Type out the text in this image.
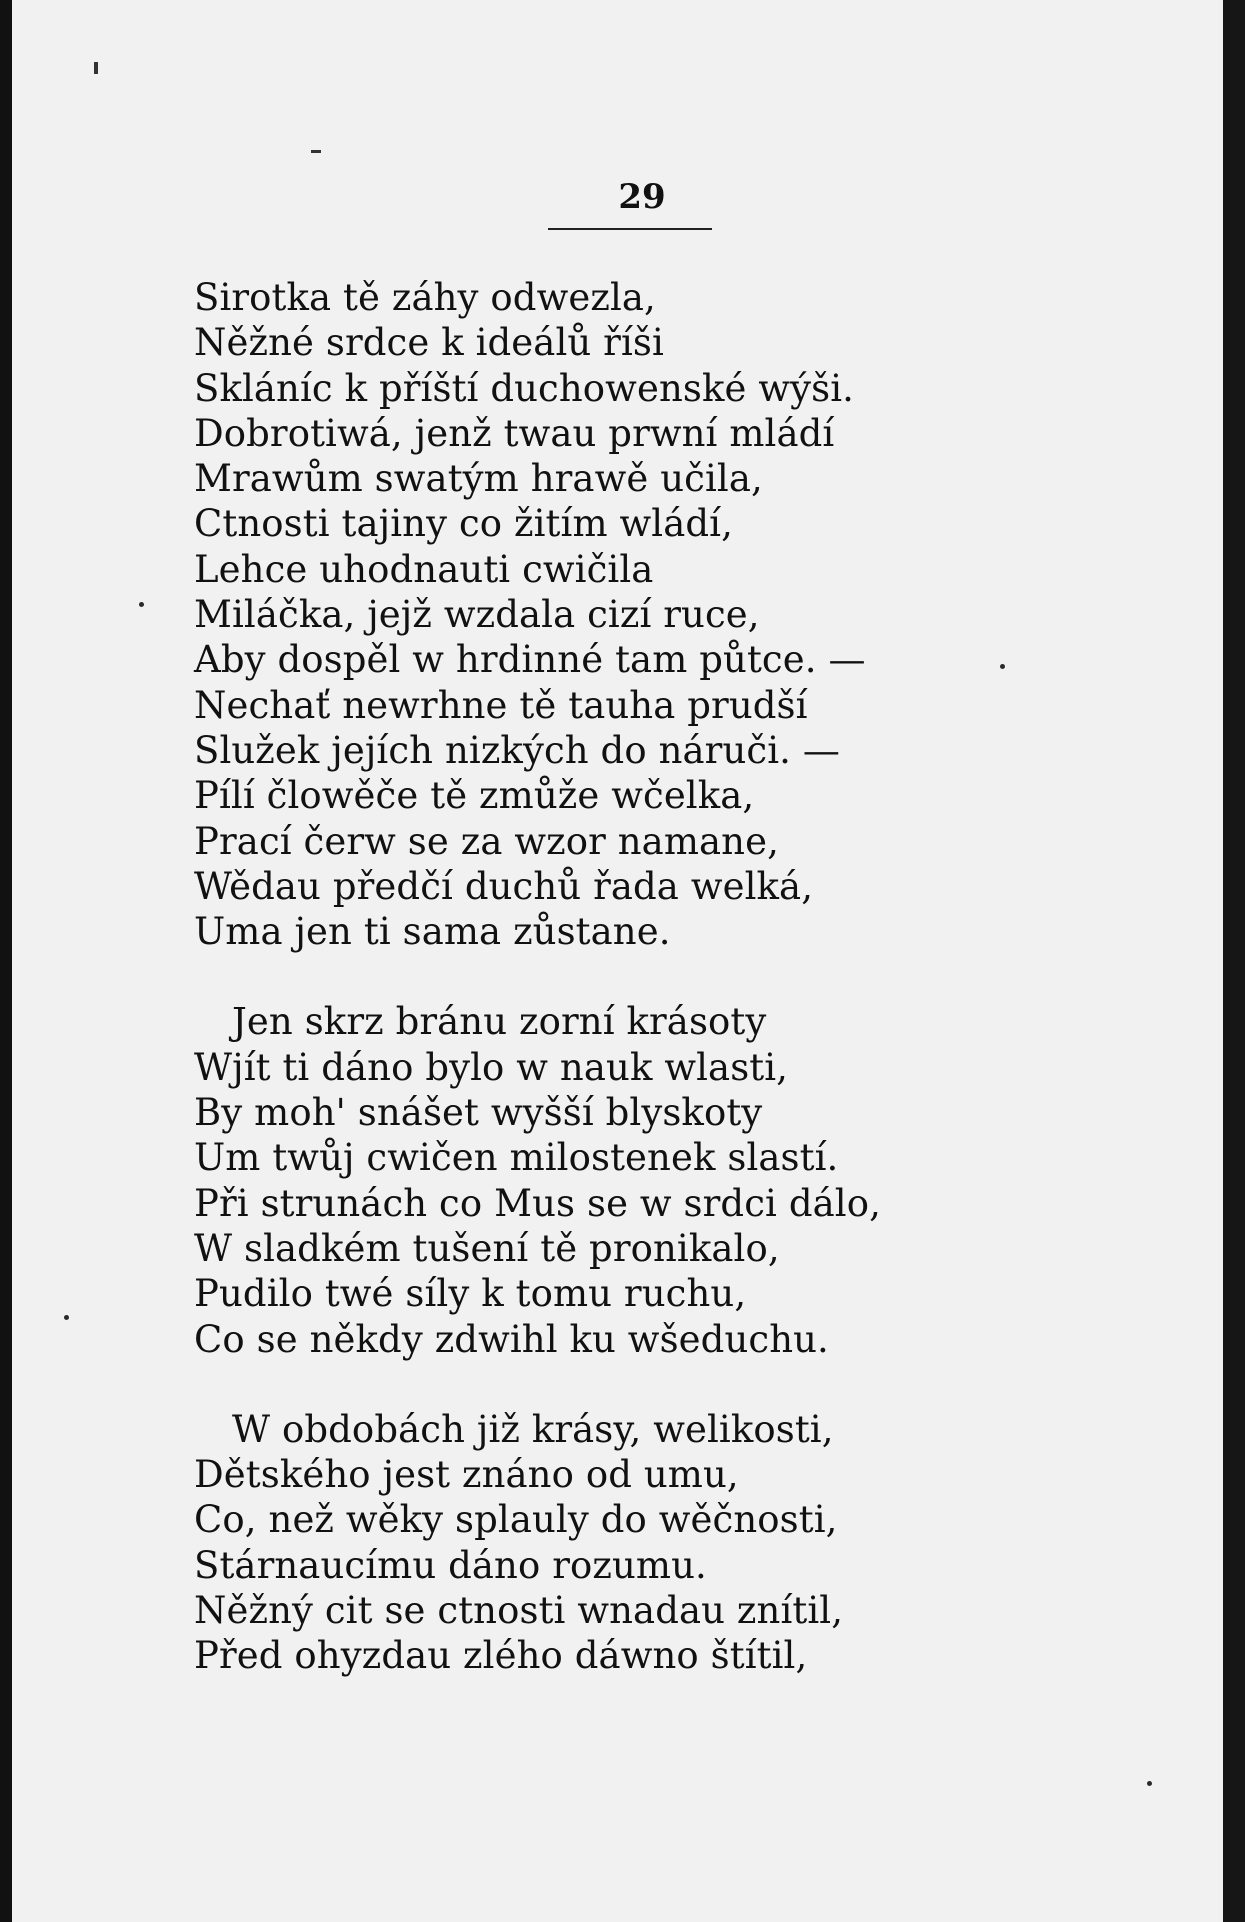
29
Sirotka tě záhy odwezla,
Něžné srdce k ideálů říši
Skláníc k příští duchowenské wýši.
Dobrotiwá, jenž twau prwní mládí
Mrawům swatým hrawě učila,
Ctnosti tajiny co žitím wládí,
Lehce uhodnauti cwičila
Miláčka, jejž wzdala cizí ruce,
Aby dospěl w hrdinné tam půtce. —
Nechať newrhne tě tauha prudší
Služek jejích nizkých do náruči. —
Pílí člowěče tě zmůže wčelka,
Prací čerw se za wzor namane,
Wědau předčí duchů řada welká,
Uma jen ti sama zůstane.
Jen skrz bránu zorní krásoty
Wjít ti dáno bylo w nauk wlasti,
By moh' snášet wyšší blyskoty
Um twůj cwičen milostenek slastí.
Při strunách co Mus se w srdci dálo,
W sladkém tušení tě pronikalo,
Pudilo twé síly k tomu ruchu,
Co se někdy zdwihl ku wšeduchu.
W obdobách již krásy, welikosti,
Dětského jest znáno od umu,
Co, než wěky splauly do wěčnosti,
Stárnaucímu dáno rozumu.
Něžný cit se ctnosti wnadau znítil,
Před ohyzdau zlého dáwno štítil,
